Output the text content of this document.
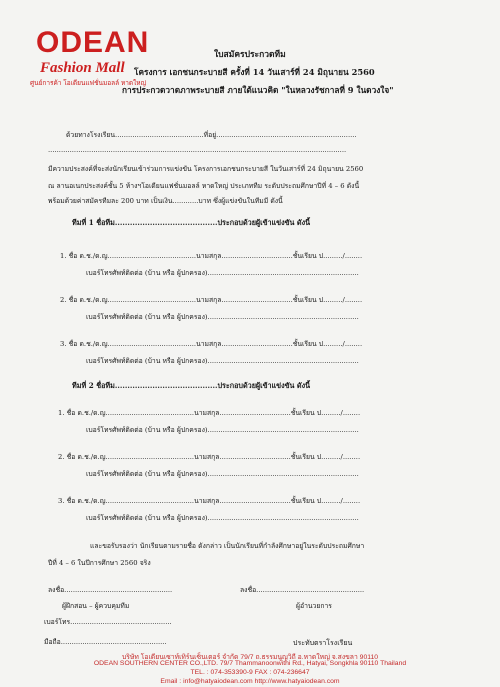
ODEAN
Fashion Mall
ศูนย์การค้า โอเดียนแฟชั่นมอลล์ หาดใหญ่
ใบสมัครประกวดทีม
โครงการ เอกชนกระบายสี ครั้งที่ 14 วันเสาร์ที่ 24 มิถุนายน 2560
การประกวดวาดภาพระบายสี ภายใต้แนวคิด "ในหลวงรัชกาลที่ 9 ในดวงใจ"
ด้วยทางโรงเรียน.........................................ที่อยู่.................................................................
..........................................................................................................................................
มีความประสงค์ที่จะส่งนักเรียนเข้าร่วมการแข่งขัน โครงการเอกชนกระบายสี ในวันเสาร์ที่ 24 มิถุนายน 2560
ณ ลานอเนกประสงค์ชั้น 5 ห้างฯโอเดียนแฟชั่นมอลล์ หาดใหญ่ ประเภททีม ระดับประถมศึกษาปีที่ 4 – 6 ดังนี้
พร้อมด้วยค่าสมัครทีมละ 200 บาท เป็นเงิน............บาท ซึ่งผู้แข่งขันในทีมมี ดังนี้
ทีมที่ 1 ชื่อทีม.........................................ประกอบด้วยผู้เข้าแข่งขัน ดังนี้
1. ชื่อ ด.ช./ด.ญ.........................................นามสกุล.................................ชั้นเรียน ป........./........
เบอร์โทรศัพท์ติดต่อ (บ้าน หรือ ผู้ปกครอง)......................................................................
2. ชื่อ ด.ช./ด.ญ.........................................นามสกุล.................................ชั้นเรียน ป........./........
เบอร์โทรศัพท์ติดต่อ (บ้าน หรือ ผู้ปกครอง)......................................................................
3. ชื่อ ด.ช./ด.ญ.........................................นามสกุล.................................ชั้นเรียน ป........./........
เบอร์โทรศัพท์ติดต่อ (บ้าน หรือ ผู้ปกครอง)......................................................................
ทีมที่ 2 ชื่อทีม.........................................ประกอบด้วยผู้เข้าแข่งขัน ดังนี้
1. ชื่อ ด.ช./ด.ญ.........................................นามสกุล.................................ชั้นเรียน ป........./........
เบอร์โทรศัพท์ติดต่อ (บ้าน หรือ ผู้ปกครอง)......................................................................
2. ชื่อ ด.ช./ด.ญ.........................................นามสกุล.................................ชั้นเรียน ป........./........
เบอร์โทรศัพท์ติดต่อ (บ้าน หรือ ผู้ปกครอง)......................................................................
3. ชื่อ ด.ช./ด.ญ.........................................นามสกุล.................................ชั้นเรียน ป........./........
เบอร์โทรศัพท์ติดต่อ (บ้าน หรือ ผู้ปกครอง)......................................................................
และขอรับรองว่า นักเรียนตามรายชื่อ ดังกล่าว เป็นนักเรียนที่กำลังศึกษาอยู่ในระดับประถมศึกษา
ปีที่ 4 – 6 ในปีการศึกษา 2560 จริง
ลงชื่อ..................................................
ผู้ฝึกสอน – ผู้ควบคุมทีม
เบอร์โทร...............................................
ลงชื่อ..................................................
ผู้อำนวยการ
มือถือ.................................................	ประทับตราโรงเรียน
บริษัท โอเดียนเซาท์เทิร์นเซ็นเตอร์ จำกัด 79/7 ถ.ธรรมนูญวิถี อ.หาดใหญ่ จ.สงขลา 90110
ODEAN SOUTHERN CENTER CO.,LTD. 79/7 Thammanoonwithi Rd., Hatyai, Songkhla 90110 Thailand
TEL. : 074-353390-9 FAX : 074-236647
Email : info@hatyaiodean.com http://www.hatyaiodean.com
